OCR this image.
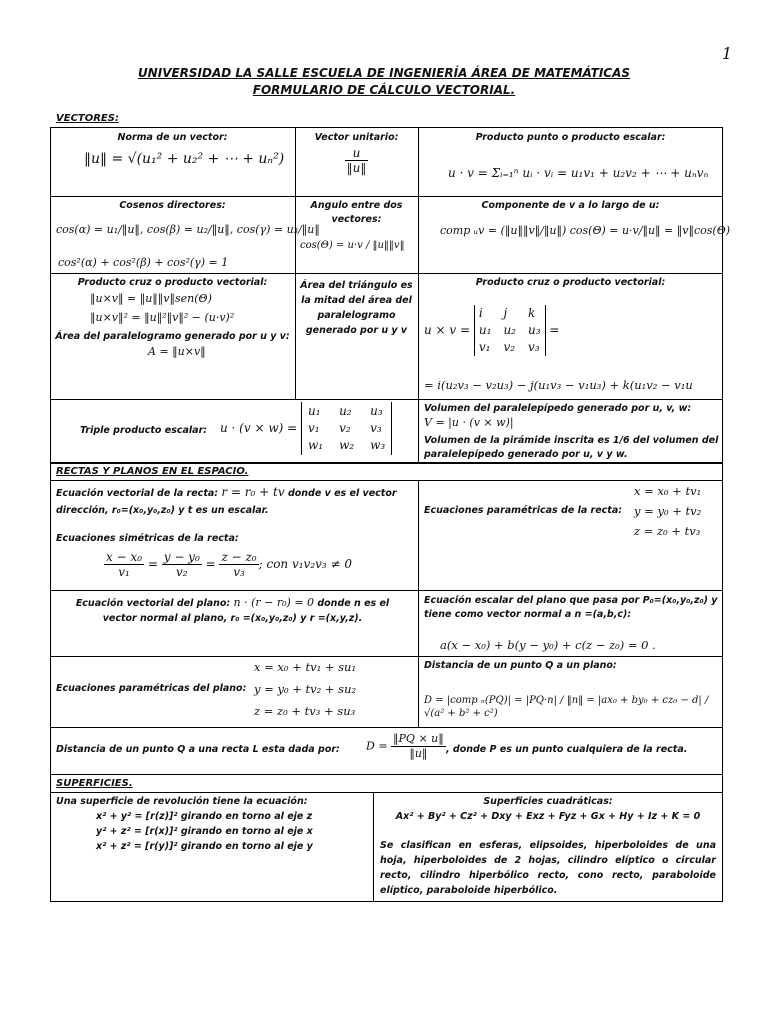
1
UNIVERSIDAD LA SALLE ESCUELA DE INGENIERÍA ÁREA DE MATEMÁTICAS
FORMULARIO DE CÁLCULO VECTORIAL.
VECTORES:
Norma de un vector:
‖u‖ = √(u₁² + u₂² + ⋯ + uₙ²)
Vector unitario:
$\frac{u}{‖u‖}$
Producto punto o producto escalar:
u · v = Σᵢ₌₁ⁿ uᵢ · vᵢ = u₁v₁ + u₂v₂ + ⋯ + uₙvₙ
Cosenos directores:
cos(α) = u₁/‖u‖, cos(β) = u₂/‖u‖, cos(γ) = u₃/‖u‖
cos²(α) + cos²(β) + cos²(γ) = 1
Angulo entre dos vectores:
cos(Θ) = u·v / ‖u‖‖v‖
Componente de v a lo largo de u:
comp ᵤv = (‖u‖‖v‖/‖u‖) cos(Θ) = u·v/‖u‖ = ‖v‖cos(Θ)
Producto cruz o producto vectorial:
‖u×v‖ = ‖u‖‖v‖sen(Θ)
‖u×v‖² = ‖u‖²‖v‖² − (u·v)²
Área del paralelogramo generado por u y v:
A = ‖u×v‖
Área del triángulo es la mitad del área del paralelogramo generado por u y v
Producto cruz o producto vectorial:
u × v =
i	j	k
u₁ u₂ u₃
v₁ v₂ v₃
=
= i(u₂v₃ − v₂u₃) − j(u₁v₃ − v₁u₃) + k(u₁v₂ − v₁u
Triple producto escalar: u · (v × w) =
u₁ u₂ u₃
v₁ v₂ v₃
w₁ w₂ w₃
Volumen del paralelepípedo generado por u, v, w:
V = |u · (v × w)|
Volumen de la pirámide inscrita es 1/6 del volumen del paralelepípedo generado por u, v y w.
RECTAS Y PLANOS EN EL ESPACIO.
Ecuación vectorial de la recta: r = r₀ + tv donde v es el vector dirección, r₀=(x₀,y₀,z₀) y t es un escalar.
Ecuaciones simétricas de la recta:
$\frac{\text{x − x₀}}{\text{v₁}} = \frac{\text{y − y₀}}{\text{v₂}} = \frac{\text{z − z₀}}{\text{v₃}}$ ; con v₁v₂v₃ ≠ 0
Ecuaciones paramétricas de la recta:
x = x₀ + tv₁
y = y₀ + tv₂
z = z₀ + tv₃
Ecuación vectorial del plano: n · (r − r₀) = 0 donde n es el vector normal al plano, r₀ =(x₀,y₀,z₀) y r =(x,y,z).
Ecuación escalar del plano que pasa por P₀=(x₀,y₀,z₀) y tiene como vector normal a n =(a,b,c):
a(x − x₀) + b(y − y₀) + c(z − z₀) = 0 .
Ecuaciones paramétricas del plano:
x = x₀ + tv₁ + su₁
y = y₀ + tv₂ + su₂
z = z₀ + tv₃ + su₃
Distancia de un punto Q a un plano:
D = |comp ₙ(PQ)| = |PQ·n| / ‖n‖ = |ax₀ + by₀ + cz₀ − d| / √(a² + b² + c²)
Distancia de un punto Q a una recta L esta dada por: $D = \frac{‖PQ \times u‖}{‖u‖}$ , donde P es un punto cualquiera de la recta.
SUPERFICIES.
Una superficie de revolución tiene la ecuación:
x² + y² = [r(z)]² girando en torno al eje z
y² + z² = [r(x)]² girando en torno al eje x
x² + z² = [r(y)]² girando en torno al eje y
Superficies cuadráticas:
Ax² + By² + Cz² + Dxy + Exz + Fyz + Gx + Hy + Iz + K = 0
Se clasifican en esferas, elipsoides, hiperboloides de una hoja, hiperboloides de 2 hojas, cilindro elíptico o circular recto, cilindro hiperbólico recto, cono recto, paraboloide elíptico, paraboloide hiperbólico.
